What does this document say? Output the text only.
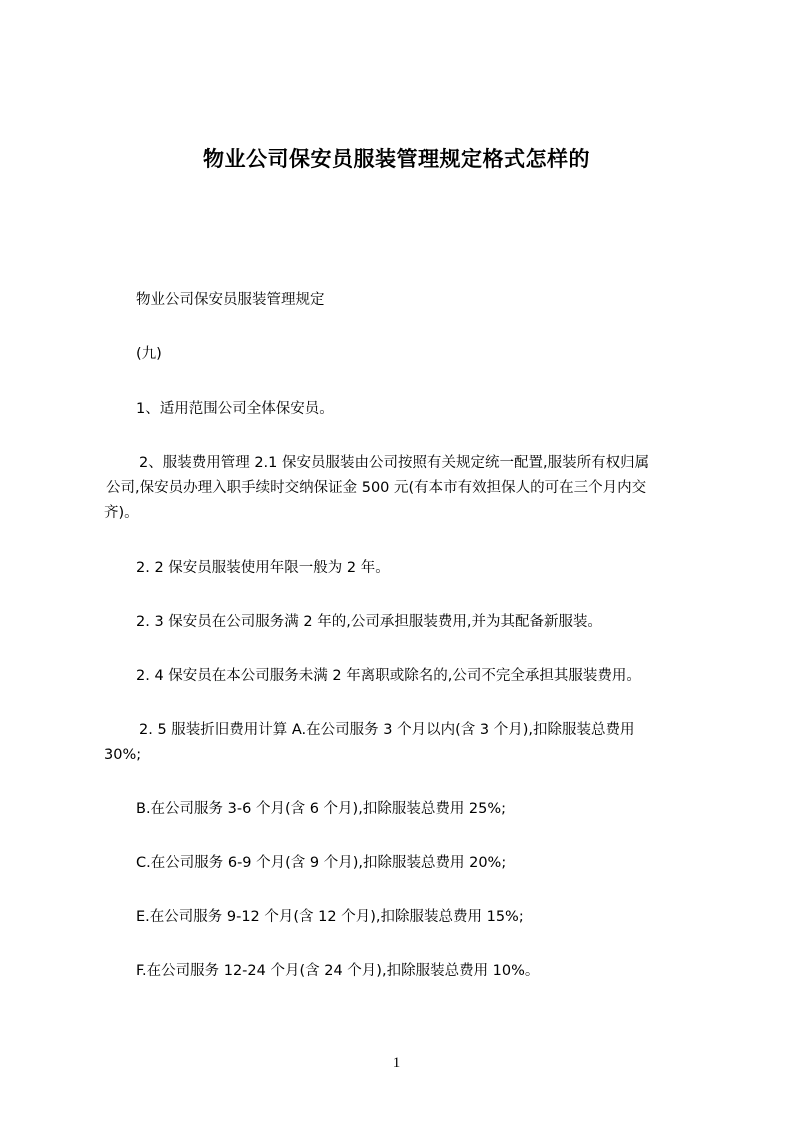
物业公司保安员服装管理规定格式怎样的
物业公司保安员服装管理规定
(九)
1、适用范围公司全体保安员。
2、服装费用管理 2.1 保安员服装由公司按照有关规定统一配置,服装所有权归属
公司,保安员办理入职手续时交纳保证金 500 元(有本市有效担保人的可在三个月内交
齐)。
2. 2 保安员服装使用年限一般为 2 年。
2. 3 保安员在公司服务满 2 年的,公司承担服装费用,并为其配备新服装。
2. 4 保安员在本公司服务未满 2 年离职或除名的,公司不完全承担其服装费用。
2. 5 服装折旧费用计算 A.在公司服务 3 个月以内(含 3 个月),扣除服装总费用
30%;
B.在公司服务 3-6 个月(含 6 个月),扣除服装总费用 25%;
C.在公司服务 6-9 个月(含 9 个月),扣除服装总费用 20%;
E.在公司服务 9-12 个月(含 12 个月),扣除服装总费用 15%;
F.在公司服务 12-24 个月(含 24 个月),扣除服装总费用 10%。
1
